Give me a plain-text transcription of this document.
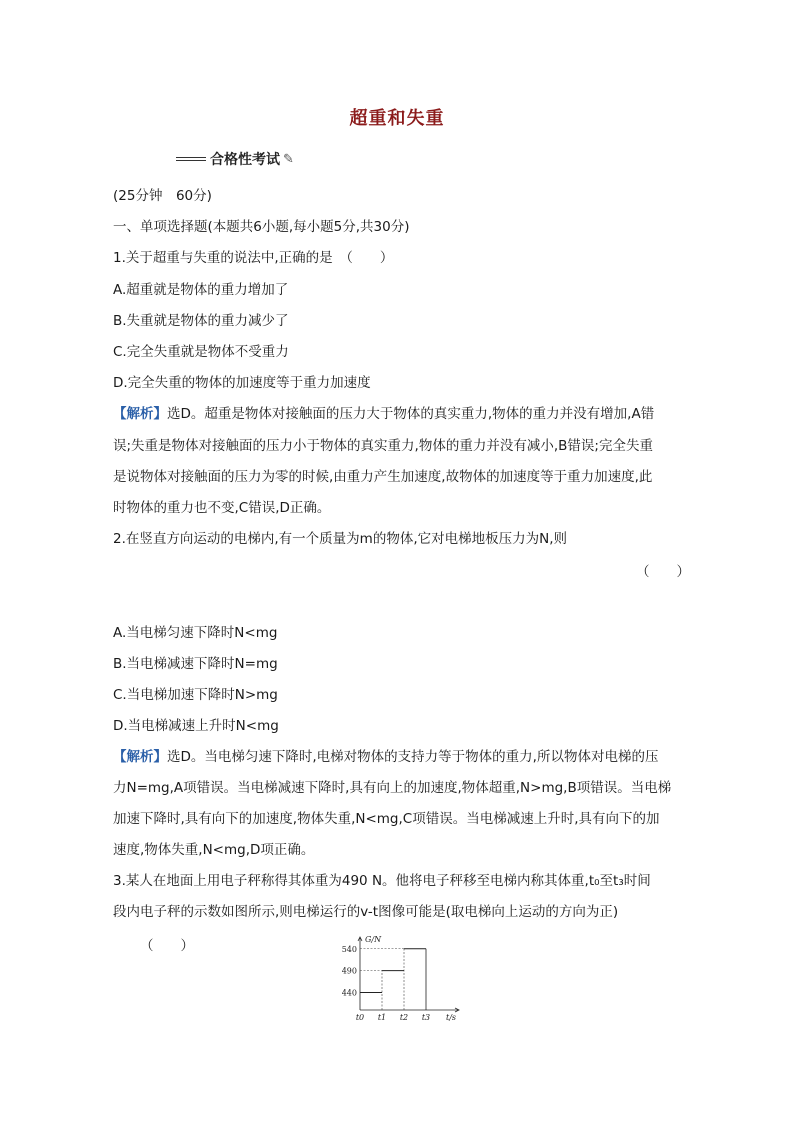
超重和失重
合格性考试 ✎
(25分钟　60分)
一、单项选择题(本题共6小题,每小题5分,共30分)
1.关于超重与失重的说法中,正确的是　（　　）
A.超重就是物体的重力增加了
B.失重就是物体的重力减少了
C.完全失重就是物体不受重力
D.完全失重的物体的加速度等于重力加速度
【解析】选D。超重是物体对接触面的压力大于物体的真实重力,物体的重力并没有增加,A错
误;失重是物体对接触面的压力小于物体的真实重力,物体的重力并没有减小,B错误;完全失重
是说物体对接触面的压力为零的时候,由重力产生加速度,故物体的加速度等于重力加速度,此
时物体的重力也不变,C错误,D正确。
2.在竖直方向运动的电梯内,有一个质量为m的物体,它对电梯地板压力为N,则
（　　）
A.当电梯匀速下降时N<mg
B.当电梯减速下降时N=mg
C.当电梯加速下降时N>mg
D.当电梯减速上升时N<mg
【解析】选D。当电梯匀速下降时,电梯对物体的支持力等于物体的重力,所以物体对电梯的压
力N=mg,A项错误。当电梯减速下降时,具有向上的加速度,物体超重,N>mg,B项错误。当电梯
加速下降时,具有向下的加速度,物体失重,N<mg,C项错误。当电梯减速上升时,具有向下的加
速度,物体失重,N<mg,D项正确。
3.某人在地面上用电子秤称得其体重为490 N。他将电子秤移至电梯内称其体重,t₀至t₃时间
段内电子秤的示数如图所示,则电梯运行的v-t图像可能是(取电梯向上运动的方向为正)
（　　）	540
490
440
t0 t1 t2 t3
G/N
t/s
